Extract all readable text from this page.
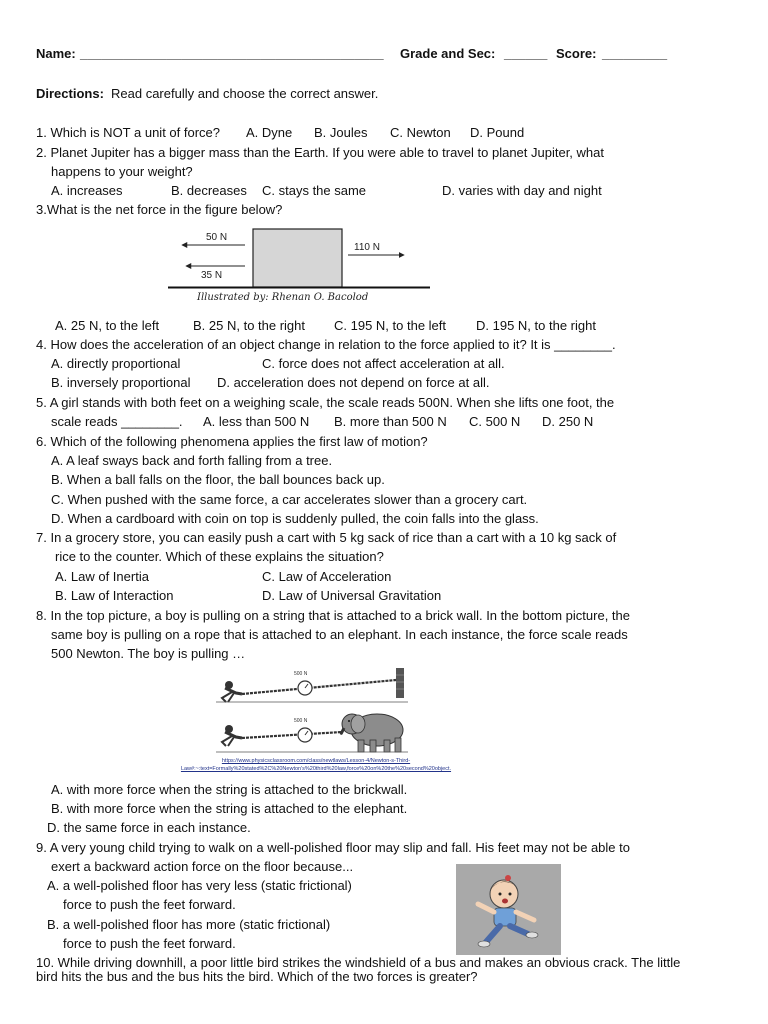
Name: __________________________________________ Grade and Sec: ______ Score: _________
Directions: Read carefully and choose the correct answer.
1. Which is NOT a unit of force? A. Dyne B. Joules C. Newton D. Pound
2. Planet Jupiter has a bigger mass than the Earth. If you were able to travel to planet Jupiter, what
happens to your weight?
A. increases	B. decreases C. stays the same	D. varies with day and night
3.What is the net force in the figure below?
50 N
35 N
110 N
Illustrated by: Rhenan O. Bacolod
A. 25 N, to the left	B. 25 N, to the right C. 195 N, to the left D. 195 N, to the right
4. How does the acceleration of an object change in relation to the force applied to it? It is ________.
A. directly proportional	C. force does not affect acceleration at all.
B. inversely proportional D. acceleration does not depend on force at all.
5. A girl stands with both feet on a weighing scale, the scale reads 500N. When she lifts one foot, the
scale reads ________. A. less than 500 N B. more than 500 N C. 500 N D. 250 N
6. Which of the following phenomena applies the first law of motion?
A. A leaf sways back and forth falling from a tree.
B. When a ball falls on the floor, the ball bounces back up.
C. When pushed with the same force, a car accelerates slower than a grocery cart.
D. When a cardboard with coin on top is suddenly pulled, the coin falls into the glass.
7. In a grocery store, you can easily push a cart with 5 kg sack of rice than a cart with a 10 kg sack of
rice to the counter. Which of these explains the situation?
A. Law of Inertia	C. Law of Acceleration
B. Law of Interaction	D. Law of Universal Gravitation
8. In the top picture, a boy is pulling on a string that is attached to a brick wall. In the bottom picture, the
same boy is pulling on a rope that is attached to an elephant. In each instance, the force scale reads
500 Newton. The boy is pulling …
500 N
500 N
https://www.physicsclassroom.com/class/newtlaws/Lesson-4/Newton-s-Third-
Law#:~:text=Formally%20stated%2C%20Newton's%20third%20law,force%20on%20the%20second%20object.
A. with more force when the string is attached to the brickwall.
B. with more force when the string is attached to the elephant.
D. the same force in each instance.
9. A very young child trying to walk on a well-polished floor may slip and fall. His feet may not be able to
exert a backward action force on the floor because...
A. a well-polished floor has very less (static frictional)
force to push the feet forward.
B. a well-polished floor has more (static frictional)
force to push the feet forward.
10. While driving downhill, a poor little bird strikes the windshield of a bus and makes an obvious crack. The little
bird hits the bus and the bus hits the bird. Which of the two forces is greater?
